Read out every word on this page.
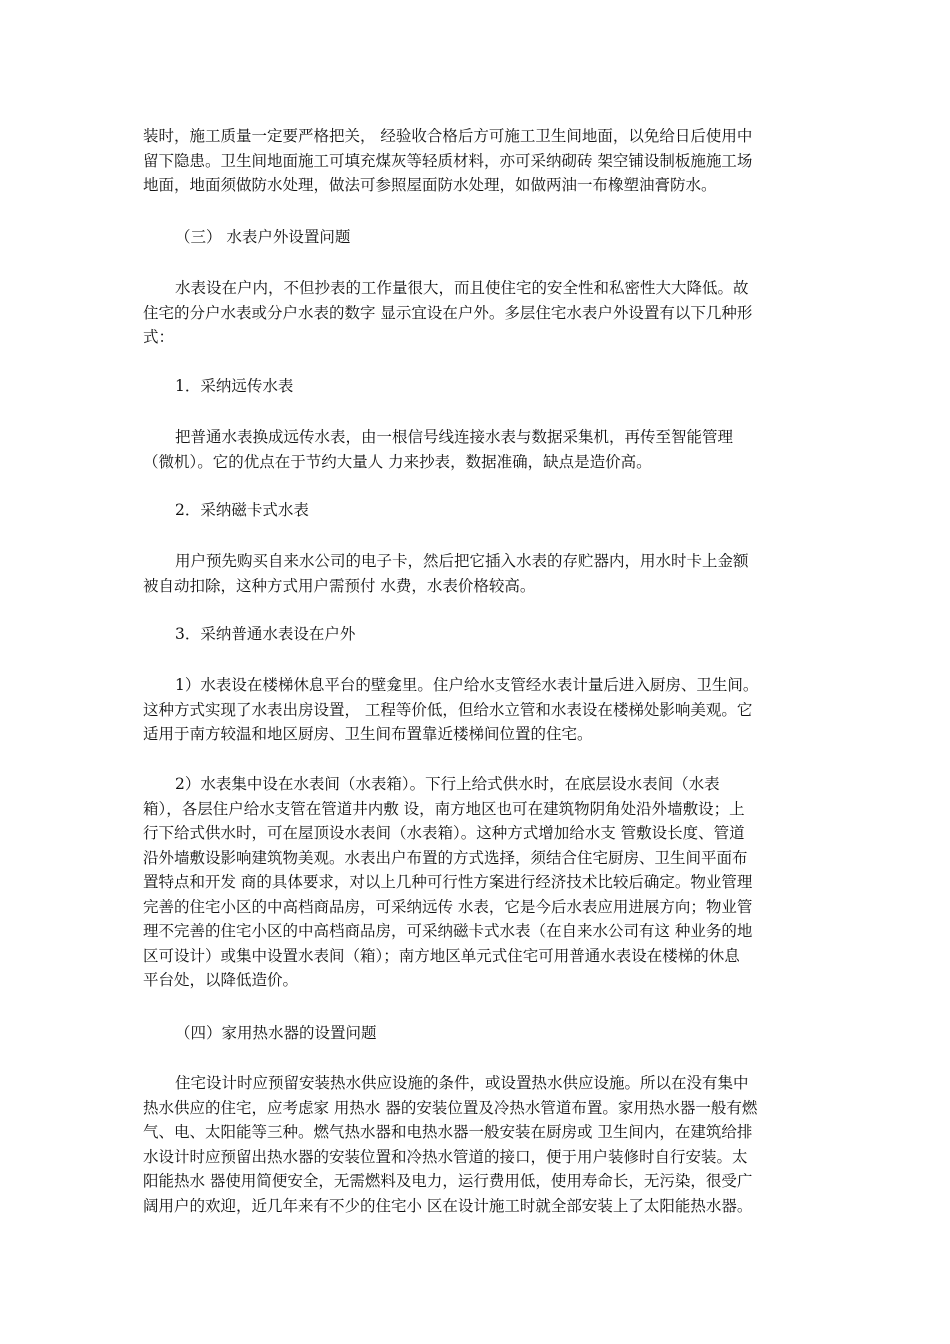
装时，施工质量一定要严格把关， 经验收合格后方可施工卫生间地面，以免给日后使用中
留下隐患。卫生间地面施工可填充煤灰等轻质材料，亦可采纳砌砖 架空铺设制板施施工场
地面，地面须做防水处理，做法可参照屋面防水处理，如做两油一布橡塑油膏防水。
（三） 水表户外设置问题
水表设在户内，不但抄表的工作量很大，而且使住宅的安全性和私密性大大降低。故
住宅的分户水表或分户水表的数字 显示宜设在户外。多层住宅水表户外设置有以下几种形
式：
1．采纳远传水表
把普通水表换成远传水表，由一根信号线连接水表与数据采集机，再传至智能管理
（微机）。它的优点在于节约大量人 力来抄表，数据准确，缺点是造价高。
2．采纳磁卡式水表
用户预先购买自来水公司的电子卡，然后把它插入水表的存贮器内，用水时卡上金额
被自动扣除，这种方式用户需预付 水费，水表价格较高。
3．采纳普通水表设在户外
1）水表设在楼梯休息平台的壁龛里。住户给水支管经水表计量后进入厨房、卫生间。
这种方式实现了水表出房设置， 工程等价低，但给水立管和水表设在楼梯处影响美观。它
适用于南方较温和地区厨房、卫生间布置靠近楼梯间位置的住宅。
2）水表集中设在水表间（水表箱）。下行上给式供水时，在底层设水表间（水表
箱），各层住户给水支管在管道井内敷 设，南方地区也可在建筑物阴角处沿外墙敷设；上
行下给式供水时，可在屋顶设水表间（水表箱）。这种方式增加给水支 管敷设长度、管道
沿外墙敷设影响建筑物美观。水表出户布置的方式选择，须结合住宅厨房、卫生间平面布
置特点和开发 商的具体要求，对以上几种可行性方案进行经济技术比较后确定。物业管理
完善的住宅小区的中高档商品房，可采纳远传 水表，它是今后水表应用进展方向；物业管
理不完善的住宅小区的中高档商品房，可采纳磁卡式水表（在自来水公司有这 种业务的地
区可设计）或集中设置水表间（箱）；南方地区单元式住宅可用普通水表设在楼梯的休息
平台处，以降低造价。
（四）家用热水器的设置问题
住宅设计时应预留安装热水供应设施的条件，或设置热水供应设施。所以在没有集中
热水供应的住宅，应考虑家 用热水 器的安装位置及冷热水管道布置。家用热水器一般有燃
气、电、太阳能等三种。燃气热水器和电热水器一般安装在厨房或 卫生间内，在建筑给排
水设计时应预留出热水器的安装位置和冷热水管道的接口，便于用户装修时自行安装。太
阳能热水 器使用简便安全，无需燃料及电力，运行费用低，使用寿命长，无污染，很受广
阔用户的欢迎，近几年来有不少的住宅小 区在设计施工时就全部安装上了太阳能热水器。
